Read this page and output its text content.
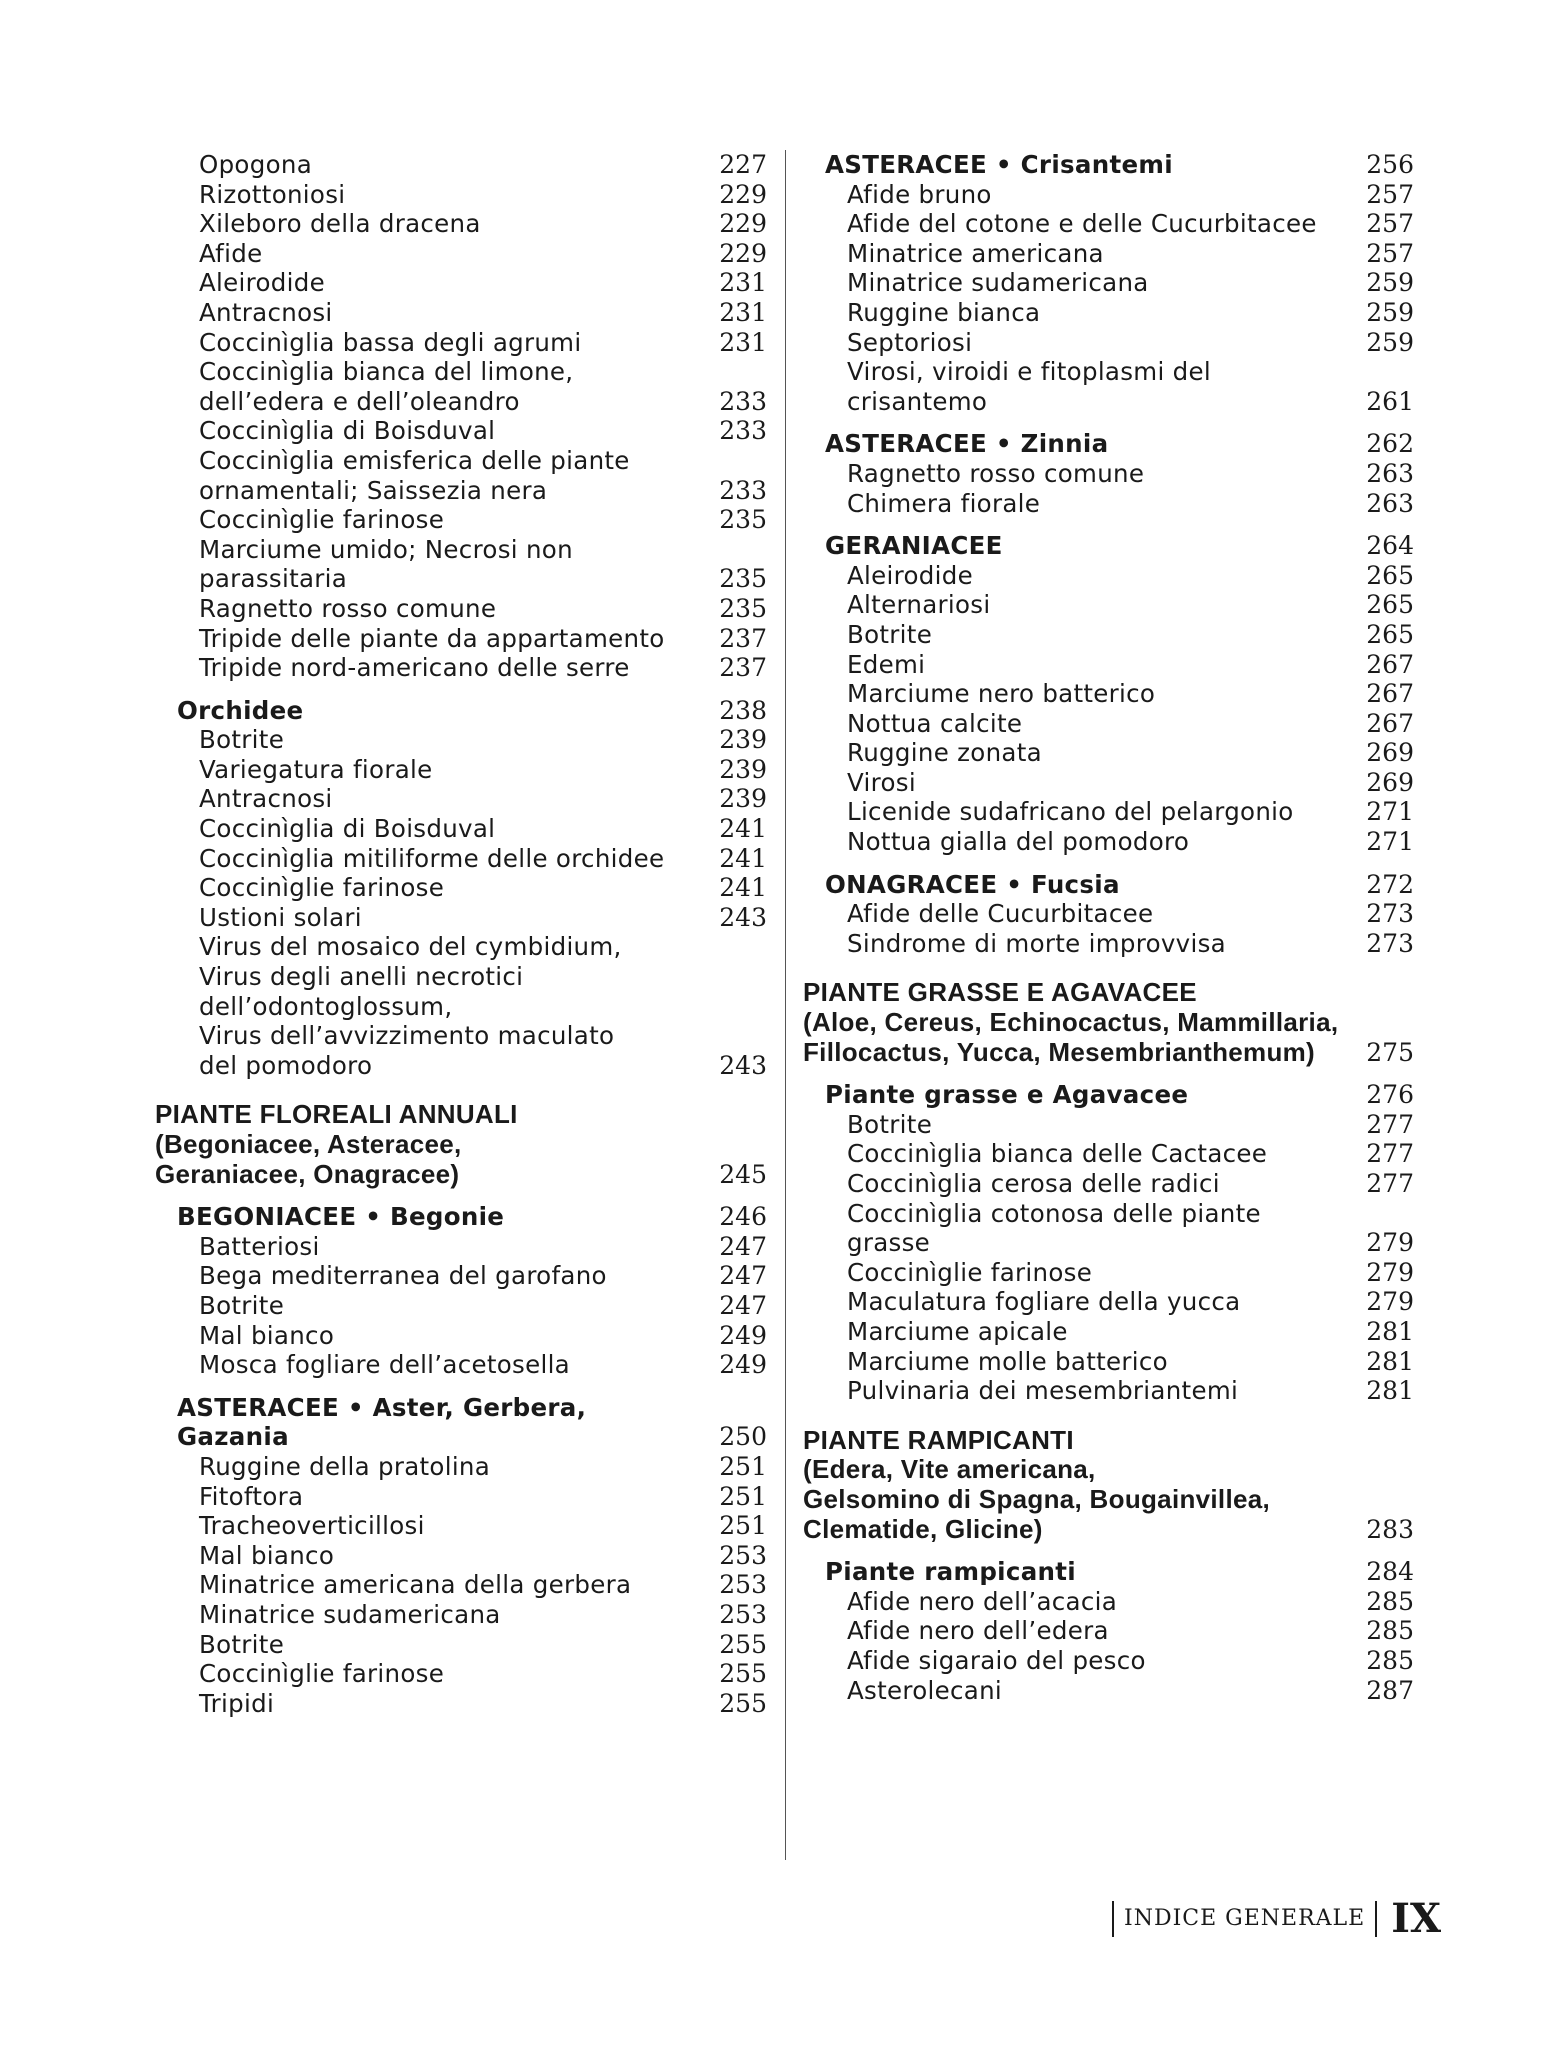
Opogona	227
Rizottoniosi	229
Xileboro della dracena	229
Afide	229
Aleirodide	231
Antracnosi	231
Coccinìglia bassa degli agrumi	231
Coccinìglia bianca del limone,
dell’edera e dell’oleandro	233
Coccinìglia di Boisduval	233
Coccinìglia emisferica delle piante
ornamentali; Saissezia nera	233
Coccinìglie farinose	235
Marciume umido; Necrosi non parassitaria	235
Ragnetto rosso comune	235
Tripide delle piante da appartamento	237
Tripide nord-americano delle serre	237
Orchidee	238
Botrite	239
Variegatura fiorale	239
Antracnosi	239
Coccinìglia di Boisduval	241
Coccinìglia mitiliforme delle orchidee	241
Coccinìglie farinose	241
Ustioni solari	243
Virus del mosaico del cymbidium,
Virus degli anelli necrotici
dell’odontoglossum,
Virus dell’avvizzimento maculato
del pomodoro	243
PIANTE FLOREALI ANNUALI
(Begoniacee, Asteracee,
Geraniacee, Onagracee)	245
BEGONIACEE • Begonie	246
Batteriosi	247
Bega mediterranea del garofano	247
Botrite	247
Mal bianco	249
Mosca fogliare dell’acetosella	249
ASTERACEE • Aster, Gerbera, Gazania	250
Ruggine della pratolina	251
Fitoftora	251
Tracheoverticillosi	251
Mal bianco	253
Minatrice americana della gerbera	253
Minatrice sudamericana	253
Botrite	255
Coccinìglie farinose	255
Tripidi	255
ASTERACEE • Crisantemi	256
Afide bruno	257
Afide del cotone e delle Cucurbitacee	257
Minatrice americana	257
Minatrice sudamericana	259
Ruggine bianca	259
Septoriosi	259
Virosi, viroidi e fitoplasmi del crisantemo	261
ASTERACEE • Zinnia	262
Ragnetto rosso comune	263
Chimera fiorale	263
GERANIACEE	264
Aleirodide	265
Alternariosi	265
Botrite	265
Edemi	267
Marciume nero batterico	267
Nottua calcite	267
Ruggine zonata	269
Virosi	269
Licenide sudafricano del pelargonio	271
Nottua gialla del pomodoro	271
ONAGRACEE • Fucsia	272
Afide delle Cucurbitacee	273
Sindrome di morte improvvisa	273
PIANTE GRASSE E AGAVACEE
(Aloe, Cereus, Echinocactus, Mammillaria,
Fillocactus, Yucca, Mesembrianthemum)	275
Piante grasse e Agavacee	276
Botrite	277
Coccinìglia bianca delle Cactacee	277
Coccinìglia cerosa delle radici	277
Coccinìglia cotonosa delle piante grasse	279
Coccinìglie farinose	279
Maculatura fogliare della yucca	279
Marciume apicale	281
Marciume molle batterico	281
Pulvinaria dei mesembriantemi	281
PIANTE RAMPICANTI
(Edera, Vite americana,
Gelsomino di Spagna, Bougainvillea,
Clematide, Glicine)	283
Piante rampicanti	284
Afide nero dell’acacia	285
Afide nero dell’edera	285
Afide sigaraio del pesco	285
Asterolecani	287
INDICE GENERALE IX
